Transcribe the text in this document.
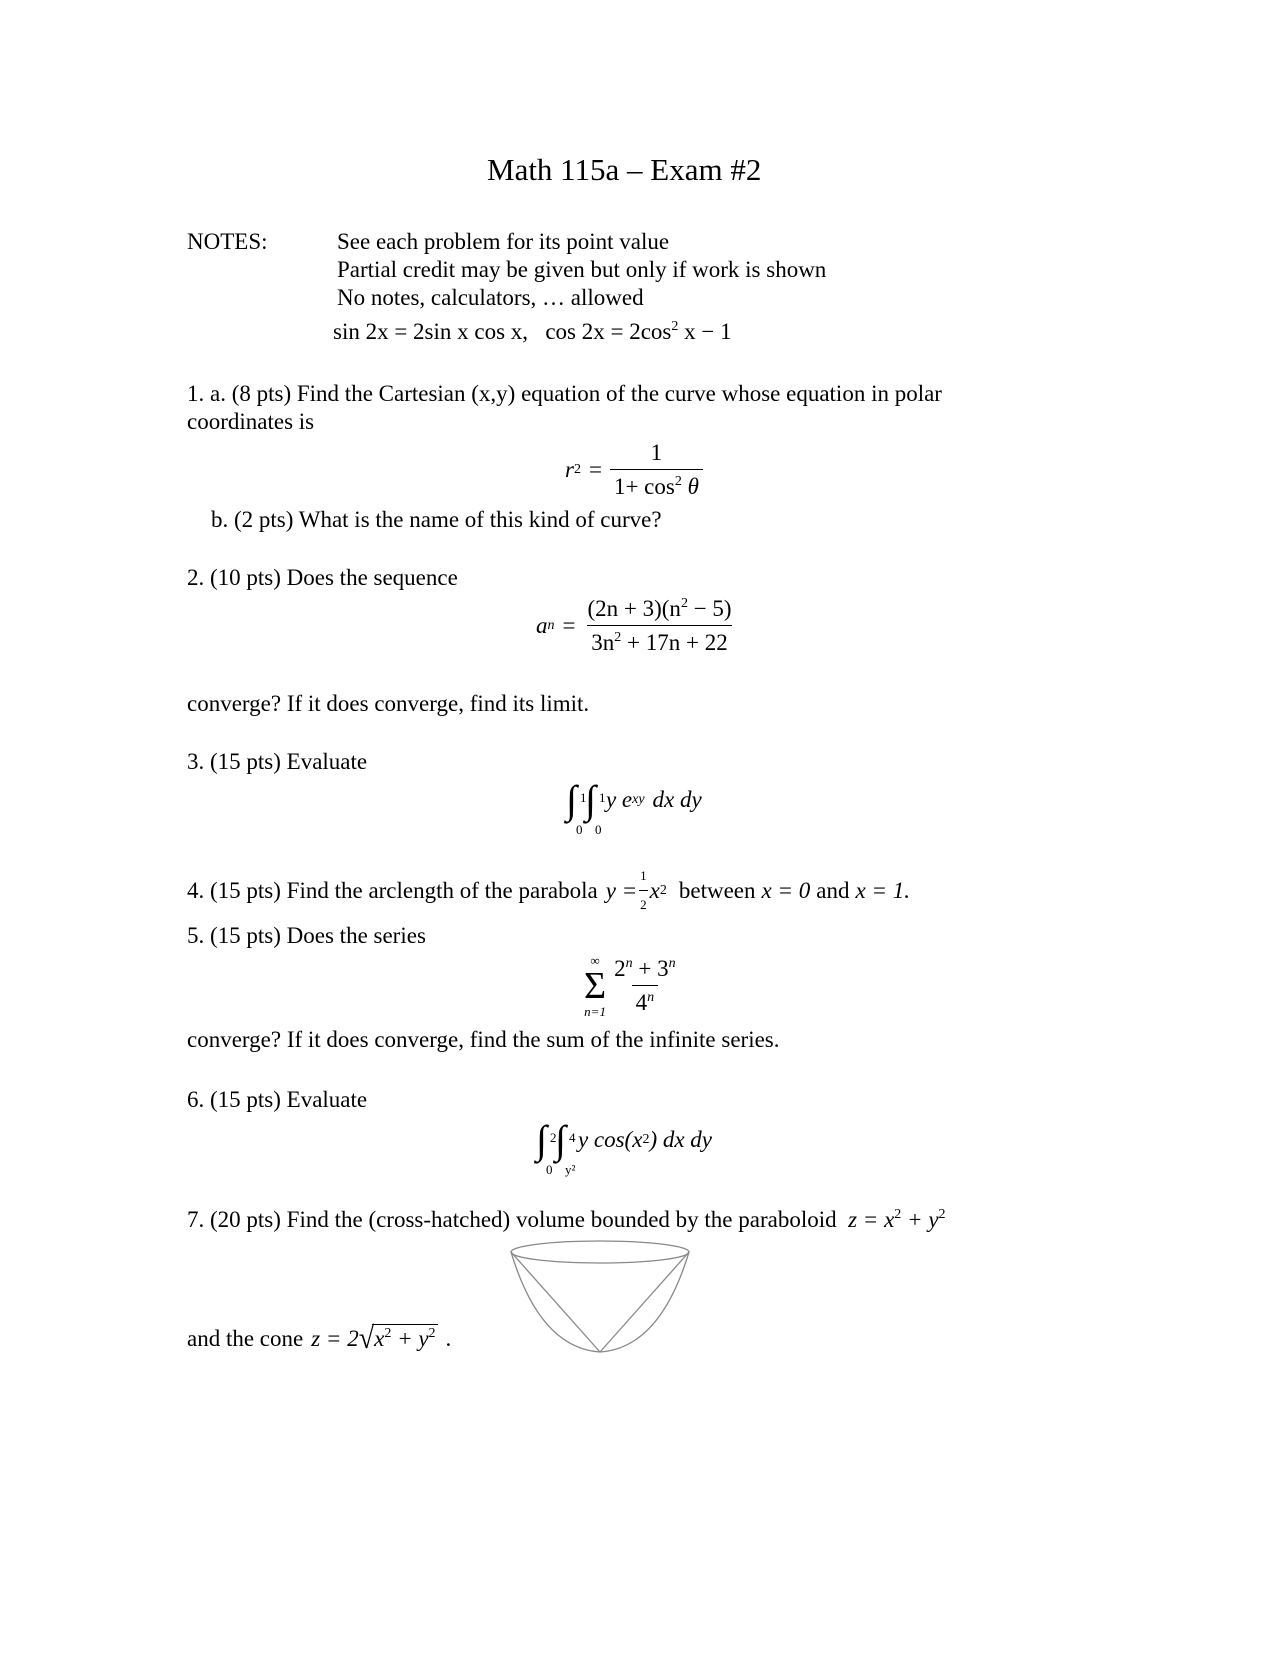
Math 115a – Exam #2
NOTES:	See each problem for its point value
Partial credit may be given but only if work is shown
No notes, calculators, … allowed
sin 2x = 2sin x cos x, $\cos 2x = 2\cos^2$ x − 1
1. a. (8 pts) Find the Cartesian (x,y) equation of the curve whose equation in polar
coordinates is
r $2 = \frac{1}{1+ \cos^2 \theta}$
b. (2 pts) What is the name of this kind of curve?
2. (10 pts) Does the sequence
a $n = \frac{(2n + 3)(n^2 - 5)}{3n^2 + 17n + 22}$
converge? If it does converge, find its limit.
3. (15 pts) Evaluate
∫ 1
0
∫ 1
0
y e xy dx dy
4. (15 pts) Find the arclength of the parabola $y = \frac{1}{2}$ x 2 between x = 0 and x = 1.
5. (15 pts) Does the series
∞
Σ
$n=1 \frac{2^n + 3^n}{4^n}$
converge? If it does converge, find the sum of the infinite series.
6. (15 pts) Evaluate
∫ 2
0
∫ 4
y²
y cos(x 2 ) dx dy
7. (20 pts) Find the (cross-hatched) volume bounded by the paraboloid $z = x^2 + y^2$
and the cone z = 2 √ $x^2 + y^2$ .
